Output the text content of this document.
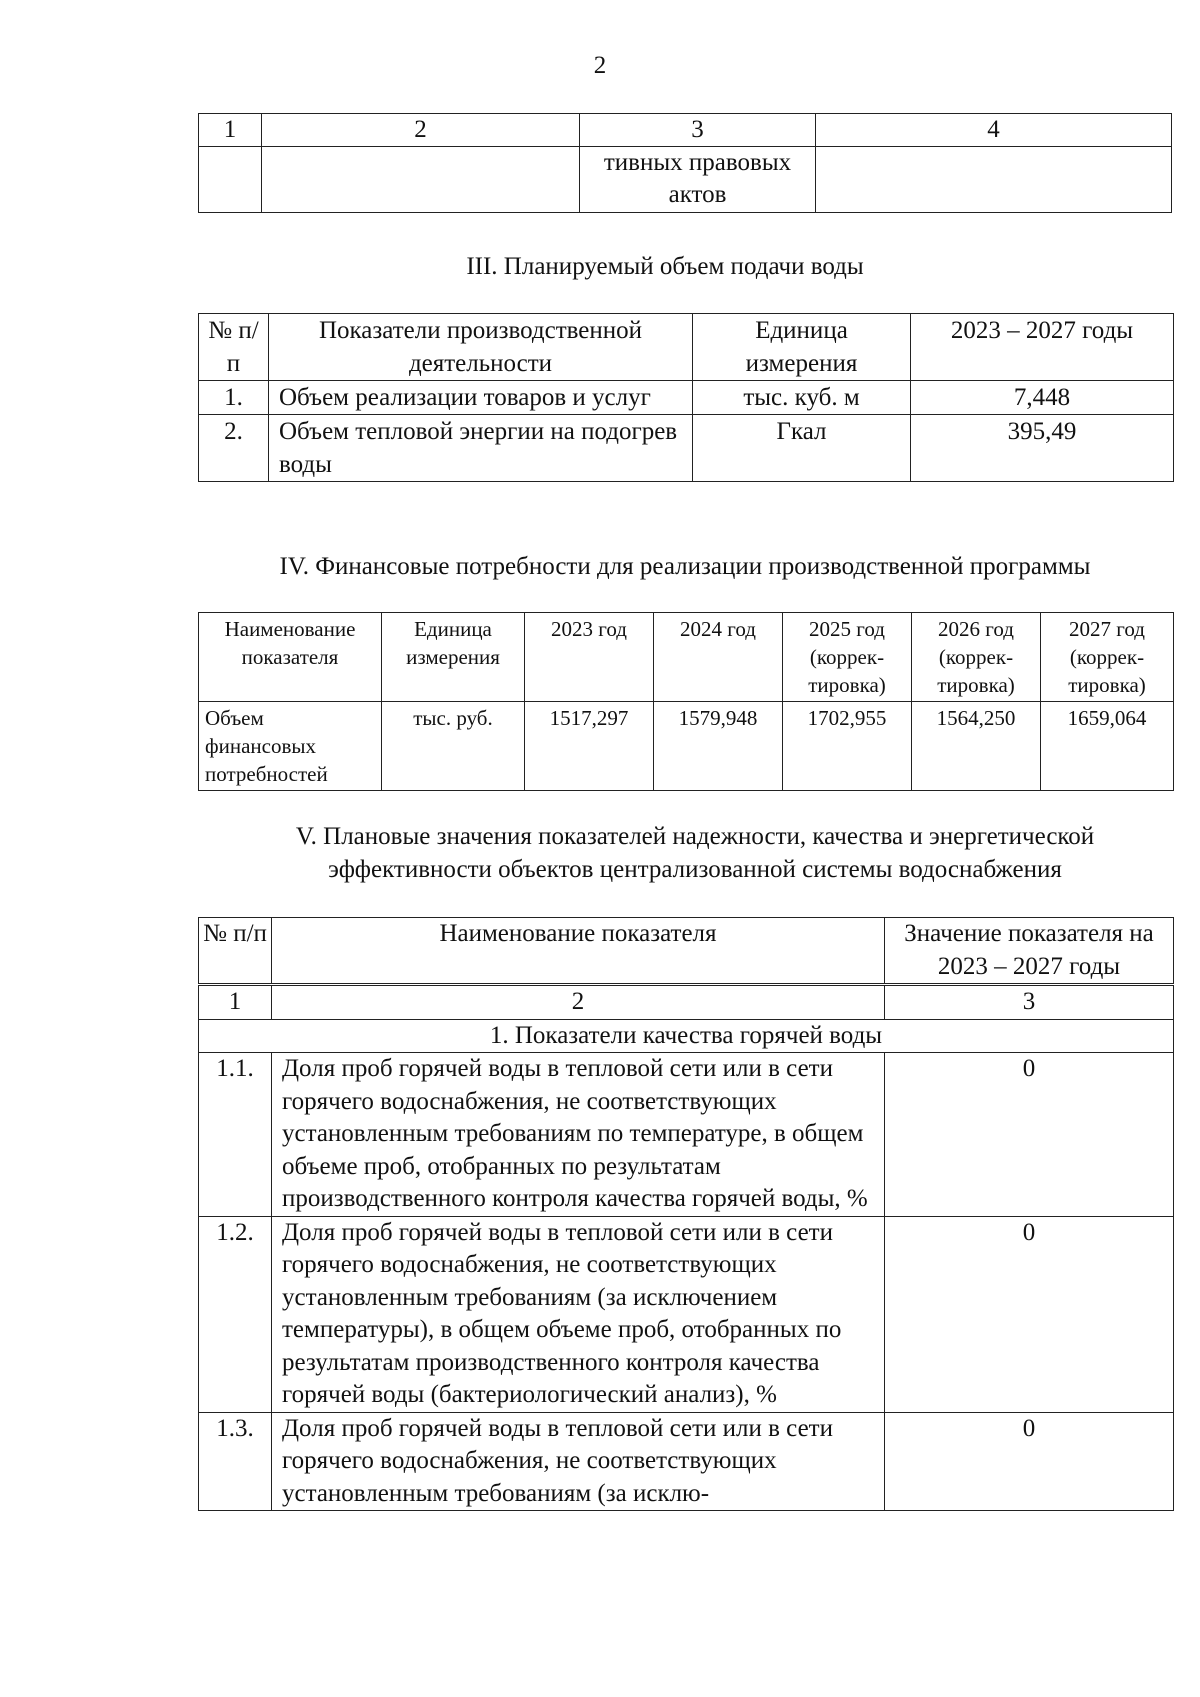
2
1	2	3	4
		тивных правовых актов	
III. Планируемый объем подачи воды
№ п/п	Показатели производственной деятельности	Единица измерения	2023 – 2027 годы
1.	Объем реализации товаров и услуг	тыс. куб. м	7,448
2.	Объем тепловой энергии на подогрев воды	Гкал	395,49
IV. Финансовые потребности для реализации производственной программы
Наименование показателя	Единица измерения	2023 год	2024 год	2025 год (коррек-тировка)	2026 год (коррек-тировка)	2027 год (коррек-тировка)
Объем финансовых потребностей	тыс. руб.	1517,297	1579,948	1702,955	1564,250	1659,064
V. Плановые значения показателей надежности, качества и энергетической эффективности объектов централизованной системы водоснабжения
№ п/п	Наименование показателя	Значение показателя на 2023 – 2027 годы
1	2	3
1. Показатели качества горячей воды		
1.1.	Доля проб горячей воды в тепловой сети или в сети горячего водоснабжения, не соответствующих установленным требованиям по температуре, в общем объеме проб, отобранных по результатам производственного контроля качества горячей воды, %	0
1.2.	Доля проб горячей воды в тепловой сети или в сети горячего водоснабжения, не соответствующих установленным требованиям (за исключением температуры), в общем объеме проб, отобранных по результатам производственного контроля качества горячей воды (бактериологический анализ), %	0
1.3.	Доля проб горячей воды в тепловой сети или в сети горячего водоснабжения, не соответствующих установленным требованиям (за исклю-	0
